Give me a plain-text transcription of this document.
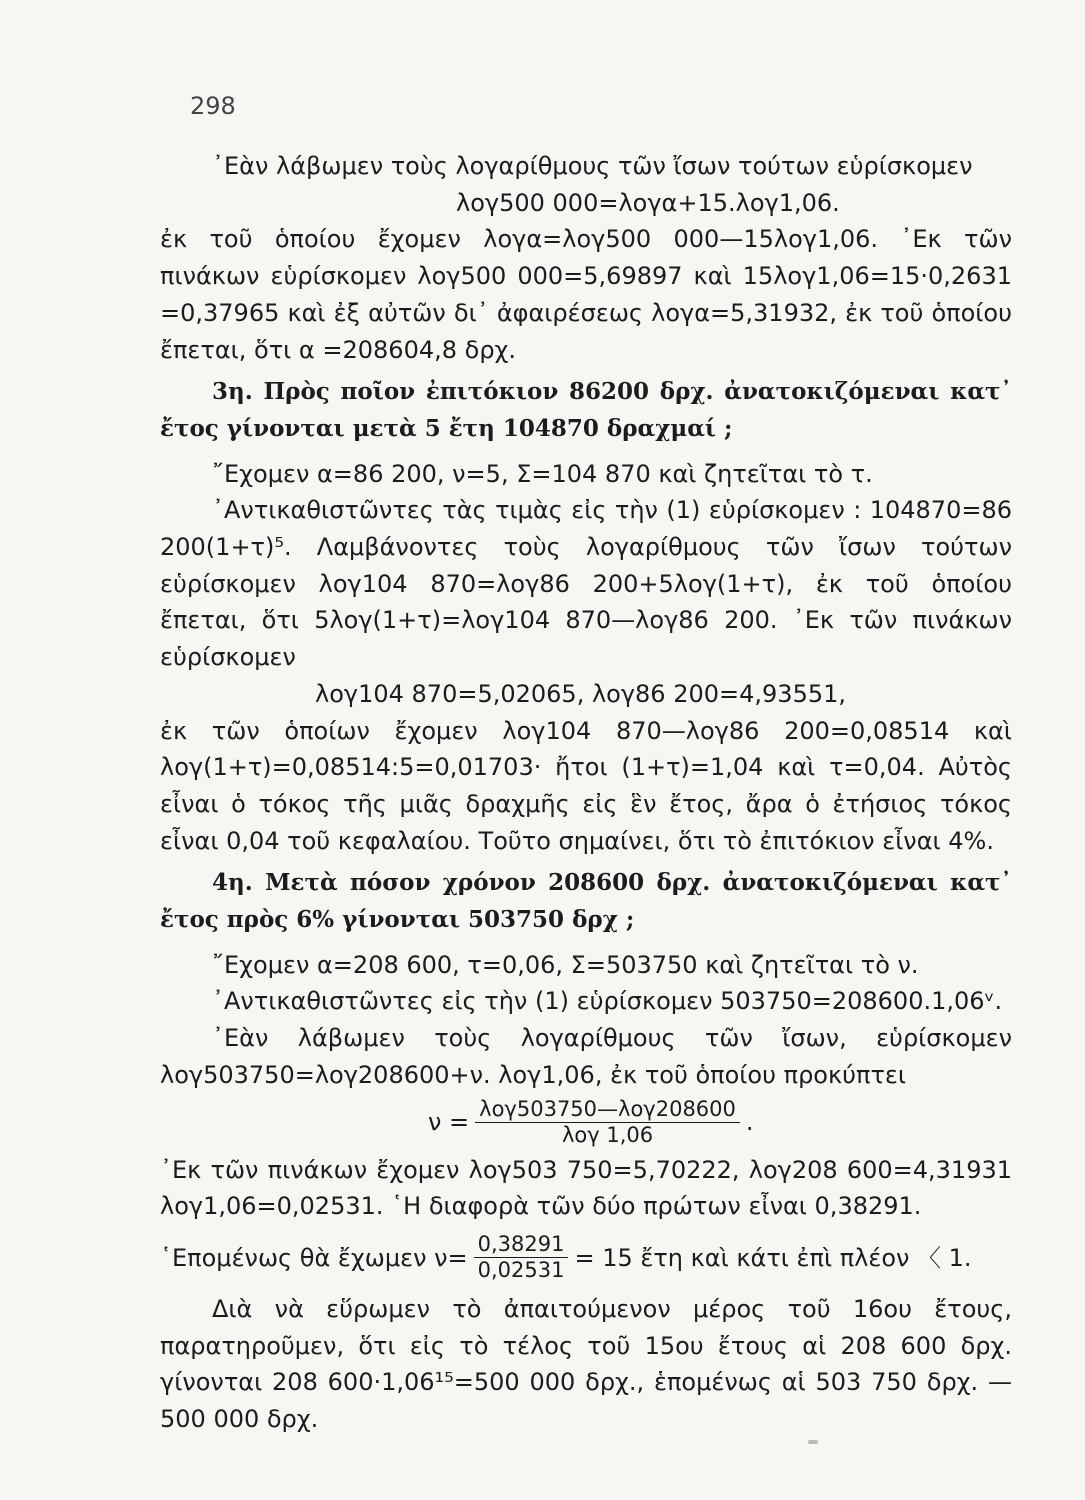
298

᾿Εὰν λάβωμεν τοὺς λογαρίθμους τῶν ἴσων τούτων εὑρίσκομεν

λογ500 000=λογα+15.λογ1,06.

ἐκ τοῦ ὁποίου ἔχομεν λογα=λογ500 000—15λογ1,06. ᾿Εκ τῶν πινάκων εὑρίσκομεν λογ500 000=5,69897 καὶ 15λογ1,06=15·0,2631 =0,37965 καὶ ἐξ αὐτῶν δι᾿ ἀφαιρέσεως λογα=5,31932, ἐκ τοῦ ὁποίου ἔπεται, ὅτι α =208604,8 δρχ.

3η. Πρὸς ποῖον ἐπιτόκιον 86200 δρχ. ἀνατοκιζόμεναι κατ᾿ ἔτος γίνονται μετὰ 5 ἔτη 104870 δραχμαί ;

῎Εχομεν α=86 200, ν=5, Σ=104 870 καὶ ζητεῖται τὸ τ.

᾿Αντικαθιστῶντες τὰς τιμὰς εἰς τὴν (1) εὑρίσκομεν : 104870=86 200(1+τ)⁵. Λαμβάνοντες τοὺς λογαρίθμους τῶν ἴσων τούτων εὑρίσκομεν λογ104 870=λογ86 200+5λογ(1+τ), ἐκ τοῦ ὁποίου ἔπεται, ὅτι 5λογ(1+τ)=λογ104 870—λογ86 200. ᾿Εκ τῶν πινάκων εὑρίσκομεν

λογ104 870=5,02065, λογ86 200=4,93551,

ἐκ τῶν ὁποίων ἔχομεν λογ104 870—λογ86 200=0,08514 καὶ λογ(1+τ)=0,08514:5=0,01703· ἤτοι (1+τ)=1,04 καὶ τ=0,04. Αὐτὸς εἶναι ὁ τόκος τῆς μιᾶς δραχμῆς εἰς ἓν ἔτος, ἄρα ὁ ἐτήσιος τόκος εἶναι 0,04 τοῦ κεφαλαίου. Τοῦτο σημαίνει, ὅτι τὸ ἐπιτόκιον εἶναι 4%.

4η. Μετὰ πόσον χρόνον 208600 δρχ. ἀνατοκιζόμεναι κατ᾿ ἔτος πρὸς 6% γίνονται 503750 δρχ ;

῎Εχομεν α=208 600, τ=0,06, Σ=503750 καὶ ζητεῖται τὸ ν.

᾿Αντικαθιστῶντες εἰς τὴν (1) εὑρίσκομεν 503750=208600.1,06ᵛ.

᾿Εὰν λάβωμεν τοὺς λογαρίθμους τῶν ἴσων, εὑρίσκομεν λογ503750=λογ208600+ν. λογ1,06, ἐκ τοῦ ὁποίου προκύπτει

$\nu = \frac{\text{λογ503750—λογ208600}}{\text{λογ 1,06}}$ .

᾿Εκ τῶν πινάκων ἔχομεν λογ503 750=5,70222, λογ208 600=4,31931 λογ1,06=0,02531. ῾Η διαφορὰ τῶν δύο πρώτων εἶναι 0,38291.

῾Επομένως θὰ ἔχωμεν $\nu= \frac{0,38291}{0,02531} = 15$ ἔτη καὶ κάτι ἐπὶ πλέον 〈 1.

Διὰ νὰ εὕρωμεν τὸ ἀπαιτούμενον μέρος τοῦ 16ου ἔτους, παρατηροῦμεν, ὅτι εἰς τὸ τέλος τοῦ 15ου ἔτους αἱ 208 600 δρχ. γίνονται 208 600·1,06¹⁵=500 000 δρχ., ἑπομένως αἱ 503 750 δρχ. —500 000 δρχ.
